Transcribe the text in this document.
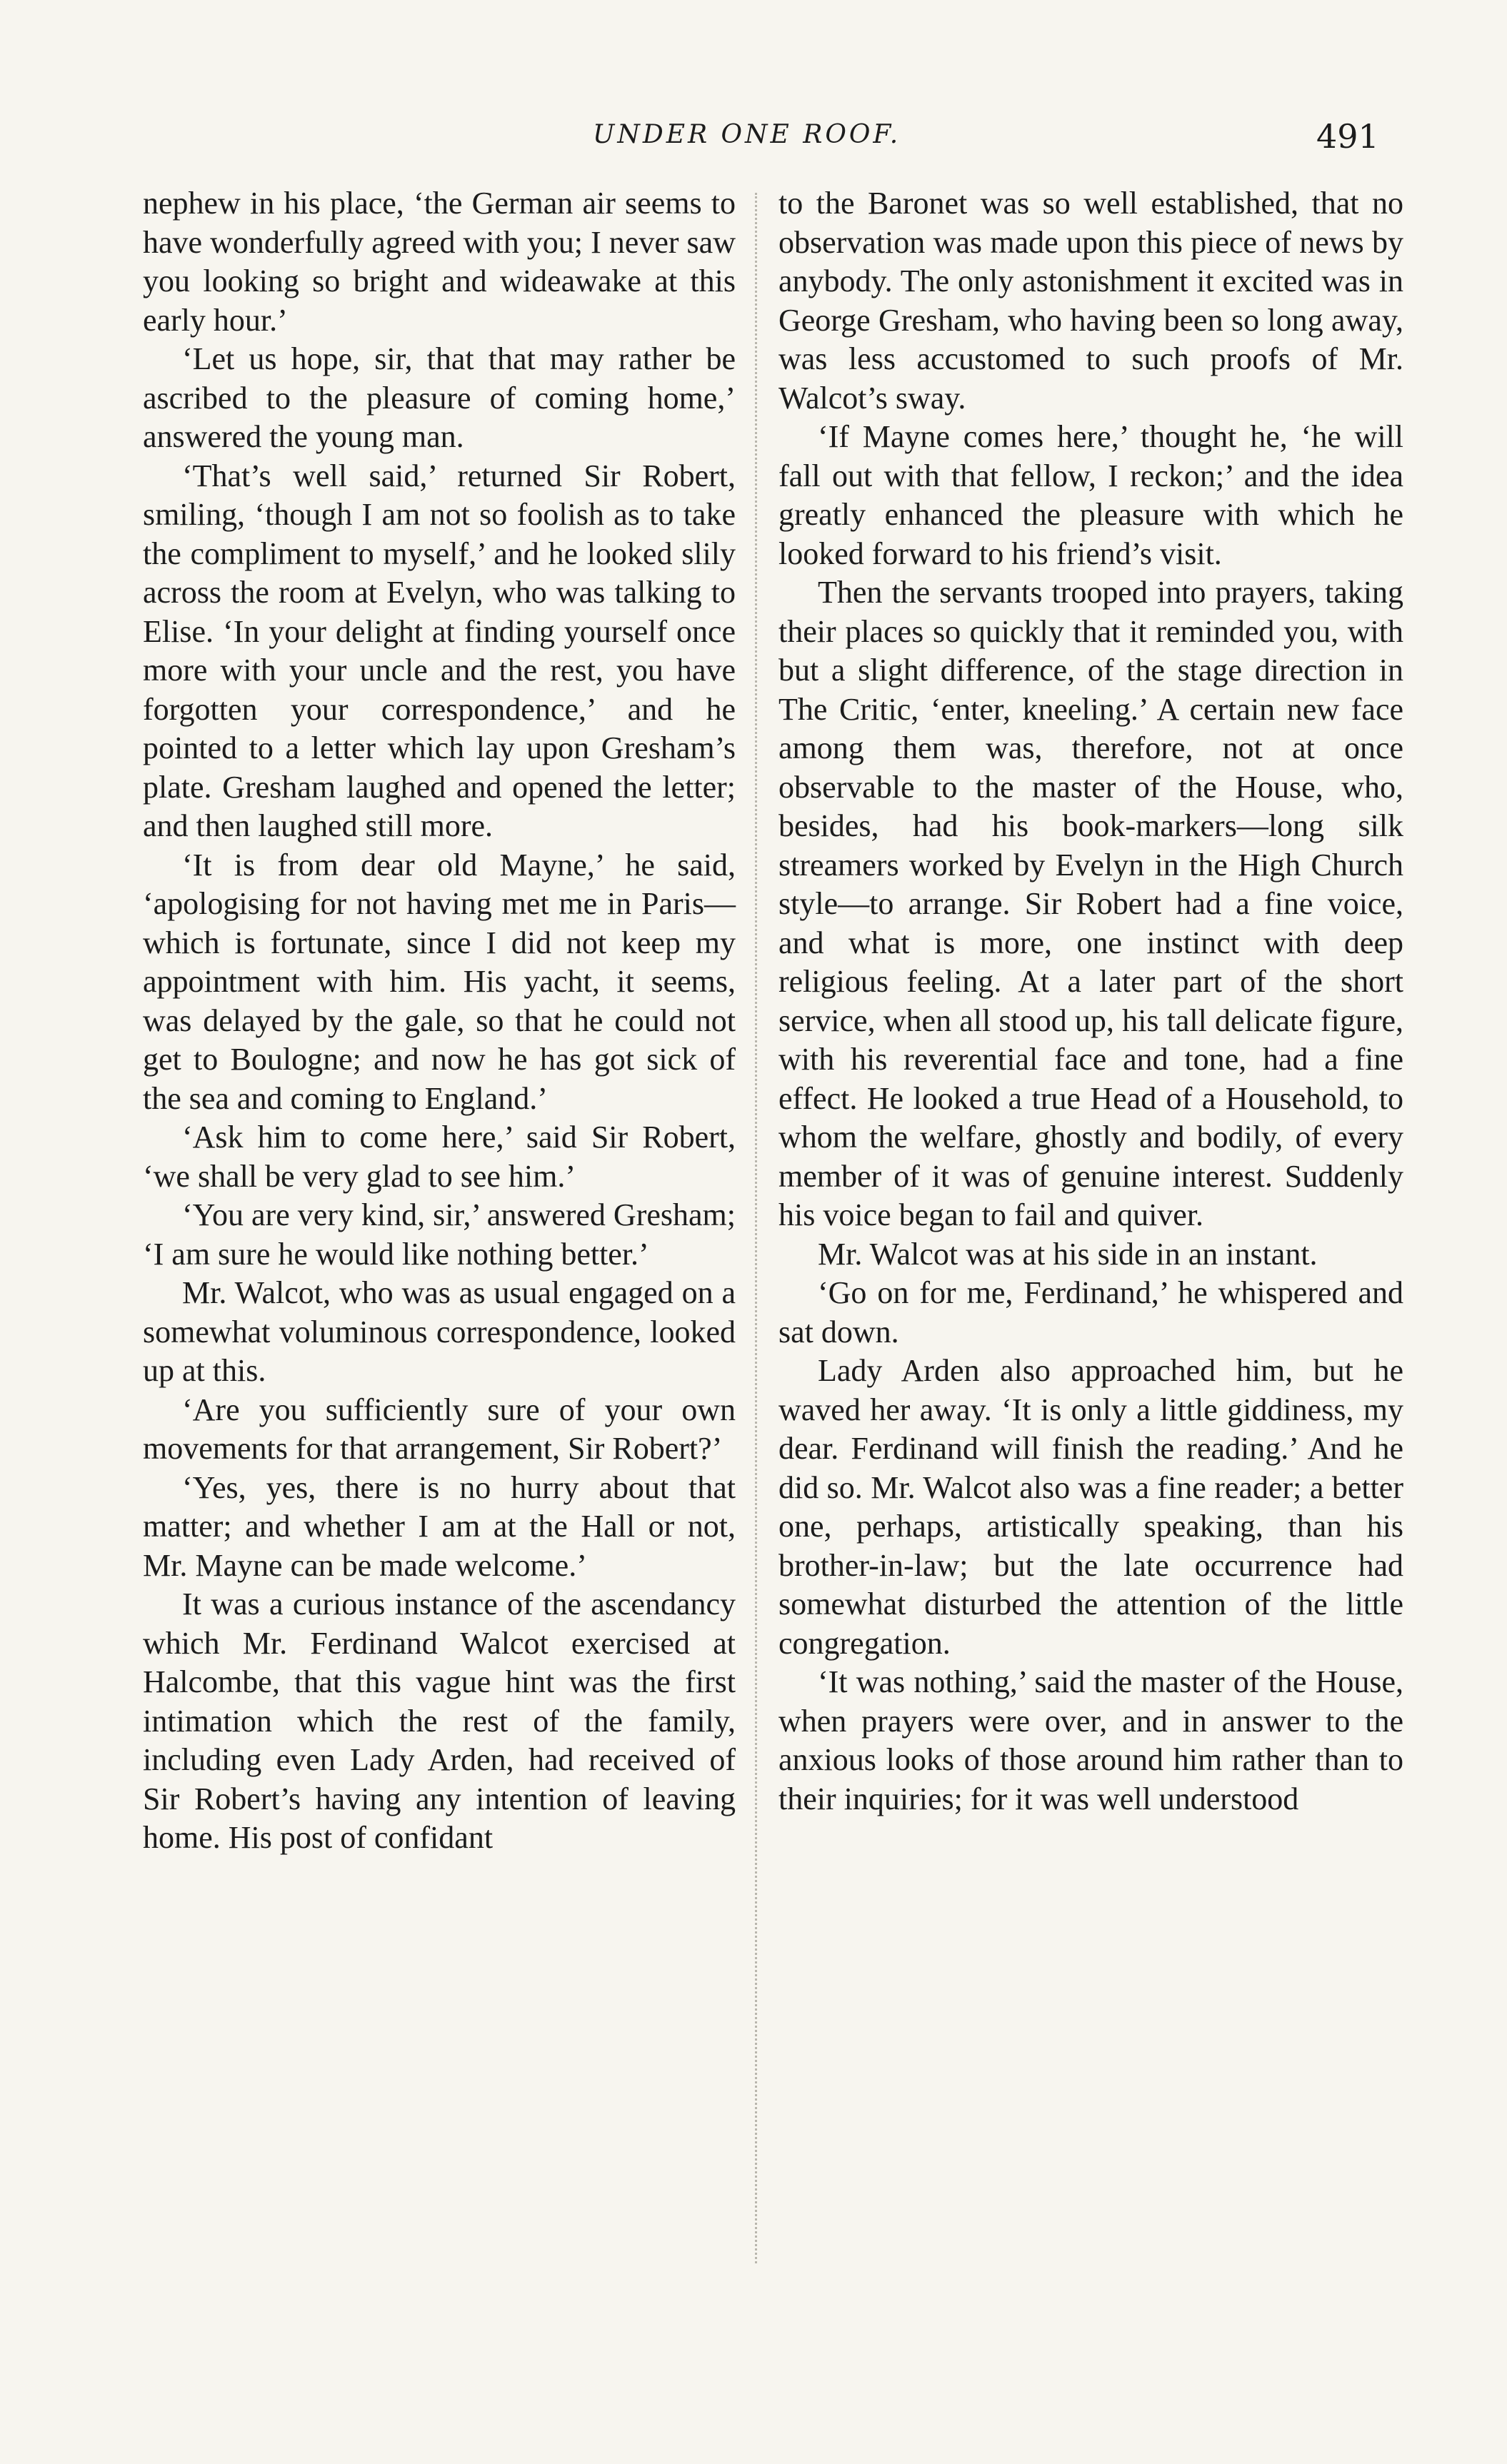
UNDER ONE ROOF.	491

nephew in his place, ‘the German air seems to have wonderfully agreed with you; I never saw you looking so bright and wideawake at this early hour.’

‘Let us hope, sir, that that may rather be ascribed to the pleasure of coming home,’ answered the young man.

‘That’s well said,’ returned Sir Robert, smiling, ‘though I am not so foolish as to take the compliment to myself,’ and he looked slily across the room at Evelyn, who was talking to Elise. ‘In your delight at finding yourself once more with your uncle and the rest, you have forgotten your correspondence,’ and he pointed to a letter which lay upon Gresham’s plate. Gresham laughed and opened the letter; and then laughed still more.

‘It is from dear old Mayne,’ he said, ‘apologising for not having met me in Paris—which is fortunate, since I did not keep my appointment with him. His yacht, it seems, was delayed by the gale, so that he could not get to Boulogne; and now he has got sick of the sea and coming to England.’

‘Ask him to come here,’ said Sir Robert, ‘we shall be very glad to see him.’

‘You are very kind, sir,’ answered Gresham; ‘I am sure he would like nothing better.’

Mr. Walcot, who was as usual engaged on a somewhat voluminous correspondence, looked up at this.

‘Are you sufficiently sure of your own movements for that arrangement, Sir Robert?’

‘Yes, yes, there is no hurry about that matter; and whether I am at the Hall or not, Mr. Mayne can be made welcome.’

It was a curious instance of the ascendancy which Mr. Ferdinand Walcot exercised at Halcombe, that this vague hint was the first intimation which the rest of the family, including even Lady Arden, had received of Sir Robert’s having any intention of leaving home. His post of confidant

to the Baronet was so well established, that no observation was made upon this piece of news by anybody. The only astonishment it excited was in George Gresham, who having been so long away, was less accustomed to such proofs of Mr. Walcot’s sway.

‘If Mayne comes here,’ thought he, ‘he will fall out with that fellow, I reckon;’ and the idea greatly enhanced the pleasure with which he looked forward to his friend’s visit.

Then the servants trooped into prayers, taking their places so quickly that it reminded you, with but a slight difference, of the stage direction in The Critic, ‘enter, kneeling.’ A certain new face among them was, therefore, not at once observable to the master of the House, who, besides, had his book-markers—long silk streamers worked by Evelyn in the High Church style—to arrange. Sir Robert had a fine voice, and what is more, one instinct with deep religious feeling. At a later part of the short service, when all stood up, his tall delicate figure, with his reverential face and tone, had a fine effect. He looked a true Head of a Household, to whom the welfare, ghostly and bodily, of every member of it was of genuine interest. Suddenly his voice began to fail and quiver.

Mr. Walcot was at his side in an instant.

‘Go on for me, Ferdinand,’ he whispered and sat down.

Lady Arden also approached him, but he waved her away. ‘It is only a little giddiness, my dear. Ferdinand will finish the reading.’ And he did so. Mr. Walcot also was a fine reader; a better one, perhaps, artistically speaking, than his brother-in-law; but the late occurrence had somewhat disturbed the attention of the little congregation.

‘It was nothing,’ said the master of the House, when prayers were over, and in answer to the anxious looks of those around him rather than to their inquiries; for it was well understood
